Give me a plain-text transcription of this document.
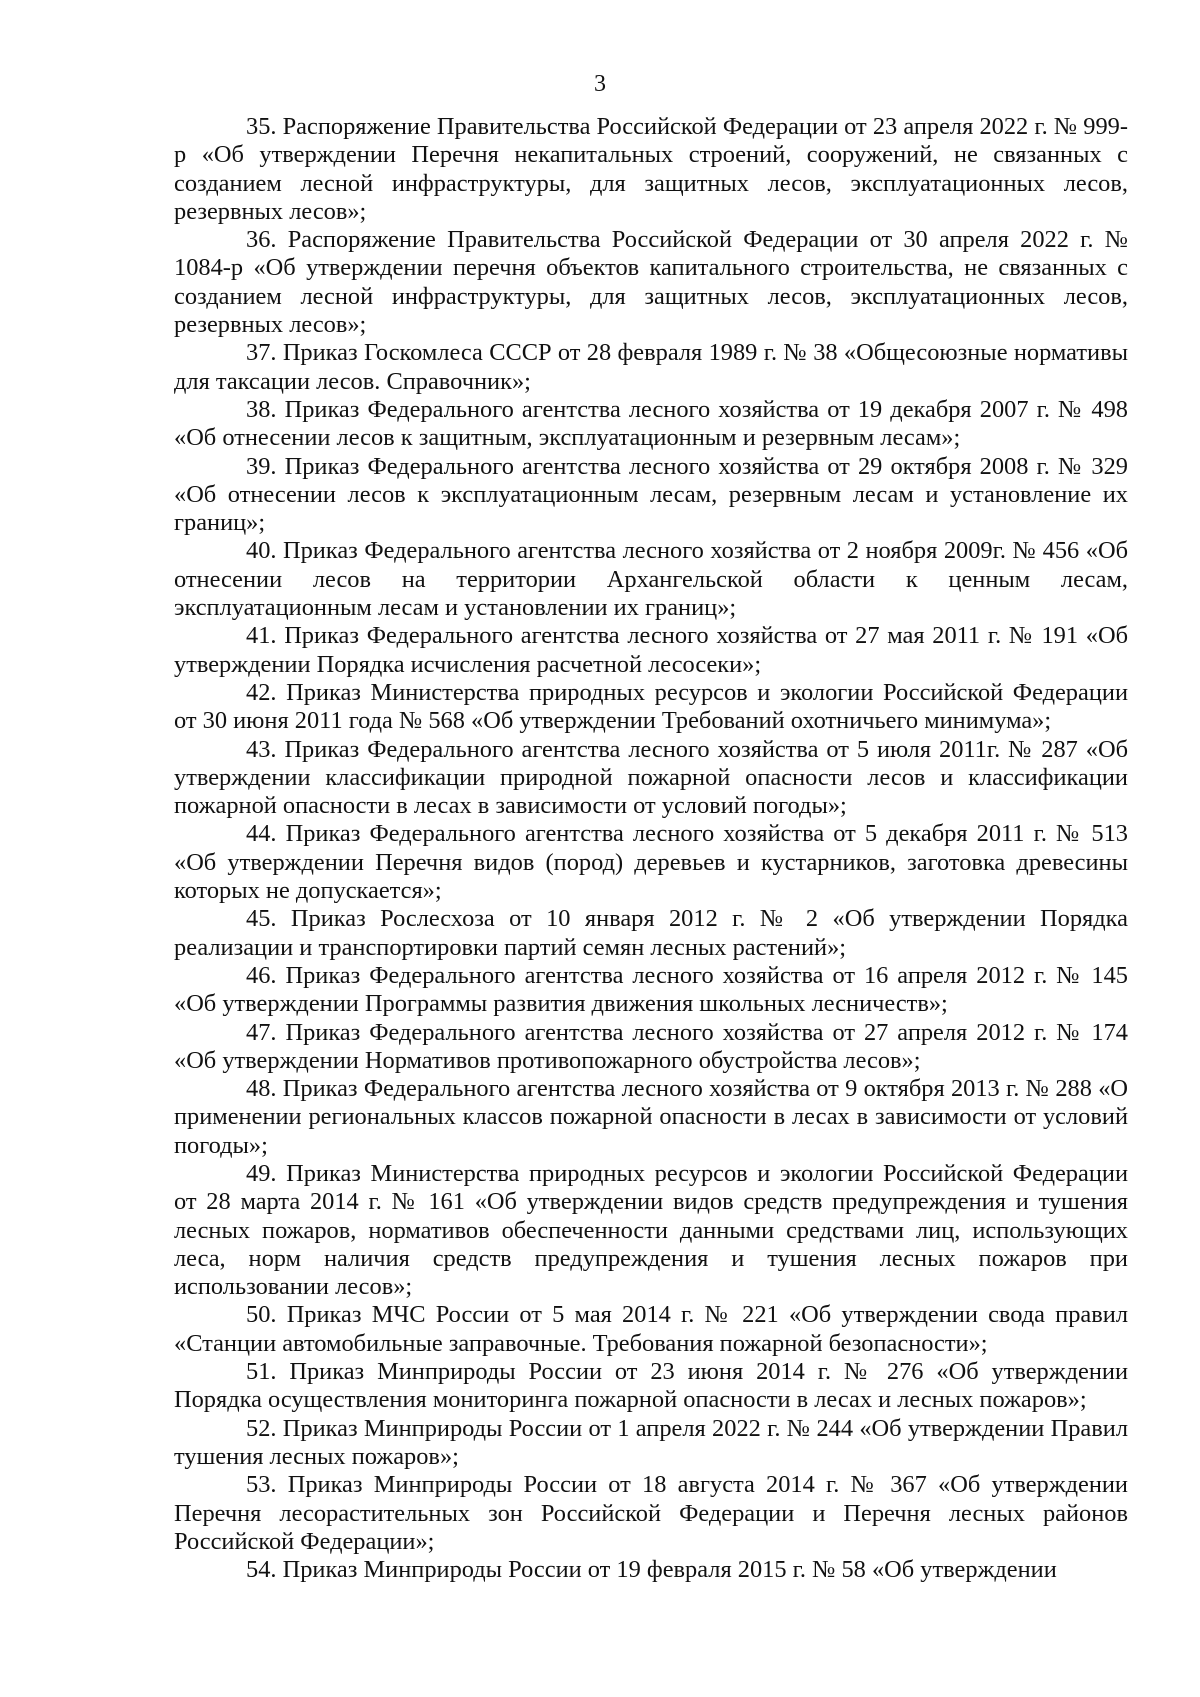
3

35. Распоряжение Правительства Российской Федерации от 23 апреля 2022 г. № 999-р «Об утверждении Перечня некапитальных строений, сооружений, не связанных с созданием лесной инфраструктуры, для защитных лесов, эксплуатационных лесов, резервных лесов»;

36. Распоряжение Правительства Российской Федерации от 30 апреля 2022 г. № 1084-р «Об утверждении перечня объектов капитального строительства, не связанных с созданием лесной инфраструктуры, для защитных лесов, эксплуатационных лесов, резервных лесов»;

37. Приказ Госкомлеса СССР от 28 февраля 1989 г. № 38 «Общесоюзные нормативы для таксации лесов. Справочник»;

38. Приказ Федерального агентства лесного хозяйства от 19 декабря 2007 г. № 498 «Об отнесении лесов к защитным, эксплуатационным и резервным лесам»;

39. Приказ Федерального агентства лесного хозяйства от 29 октября 2008 г. № 329 «Об отнесении лесов к эксплуатационным лесам, резервным лесам и установление их границ»;

40. Приказ Федерального агентства лесного хозяйства от 2 ноября 2009г. № 456 «Об отнесении лесов на территории Архангельской области к ценным лесам, эксплуатационным лесам и установлении их границ»;

41. Приказ Федерального агентства лесного хозяйства от 27 мая 2011 г. № 191 «Об утверждении Порядка исчисления расчетной лесосеки»;

42. Приказ Министерства природных ресурсов и экологии Российской Федерации от 30 июня 2011 года № 568 «Об утверждении Требований охотничьего минимума»;

43. Приказ Федерального агентства лесного хозяйства от 5 июля 2011г. № 287 «Об утверждении классификации природной пожарной опасности лесов и классификации пожарной опасности в лесах в зависимости от условий погоды»;

44. Приказ Федерального агентства лесного хозяйства от 5 декабря 2011 г. № 513 «Об утверждении Перечня видов (пород) деревьев и кустарников, заготовка древесины которых не допускается»;

45. Приказ Рослесхоза от 10 января 2012 г. № 2 «Об утверждении Порядка реализации и транспортировки партий семян лесных растений»;

46. Приказ Федерального агентства лесного хозяйства от 16 апреля 2012 г. № 145 «Об утверждении Программы развития движения школьных лесничеств»;

47. Приказ Федерального агентства лесного хозяйства от 27 апреля 2012 г. № 174 «Об утверждении Нормативов противопожарного обустройства лесов»;

48. Приказ Федерального агентства лесного хозяйства от 9 октября 2013 г. № 288 «О применении региональных классов пожарной опасности в лесах в зависимости от условий погоды»;

49. Приказ Министерства природных ресурсов и экологии Российской Федерации от 28 марта 2014 г. № 161 «Об утверждении видов средств предупреждения и тушения лесных пожаров, нормативов обеспеченности данными средствами лиц, использующих леса, норм наличия средств предупреждения и тушения лесных пожаров при использовании лесов»;

50. Приказ МЧС России от 5 мая 2014 г. № 221 «Об утверждении свода правил «Станции автомобильные заправочные. Требования пожарной безопасности»;

51. Приказ Минприроды России от 23 июня 2014 г. № 276 «Об утверждении Порядка осуществления мониторинга пожарной опасности в лесах и лесных пожаров»;

52. Приказ Минприроды России от 1 апреля 2022 г. № 244 «Об утверждении Правил тушения лесных пожаров»;

53. Приказ Минприроды России от 18 августа 2014 г. № 367 «Об утверждении Перечня лесорастительных зон Российской Федерации и Перечня лесных районов Российской Федерации»;

54. Приказ Минприроды России от 19 февраля 2015 г. № 58 «Об утверждении
